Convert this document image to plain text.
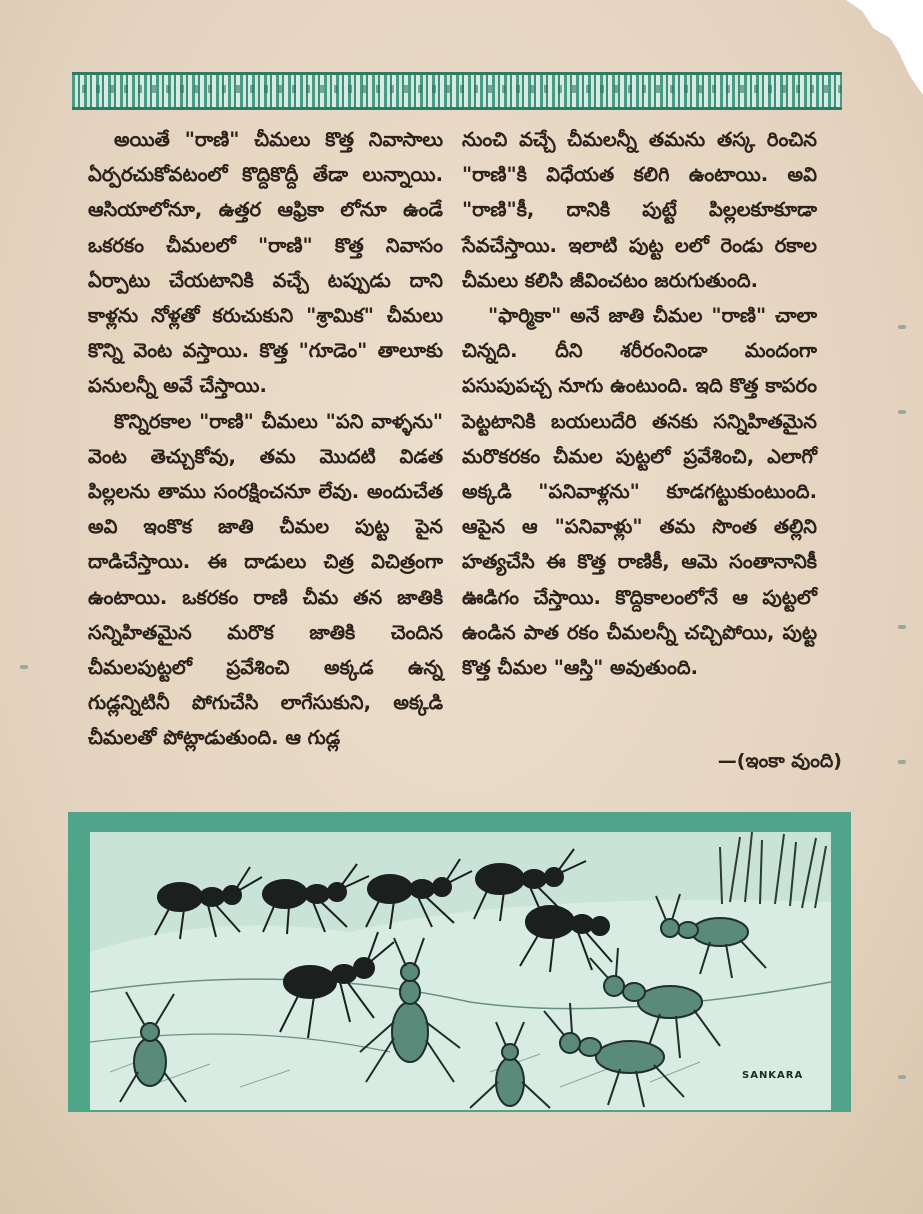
అయితే "రాణి" చీమలు కొత్త నివాసాలు ఏర్పరచుకోవటంలో కొద్దికొద్దీ తేడా లున్నాయి. ఆసియాలోనూ, ఉత్తర ఆఫ్రికా లోనూ ఉండే ఒకరకం చీమలలో "రాణి" కొత్త నివాసం ఏర్పాటు చేయటానికి వచ్చే టప్పుడు దాని కాళ్లను నోళ్లతో కరుచుకుని "శ్రామిక" చీమలు కొన్ని వెంట వస్తాయి. కొత్త "గూడెం" తాలూకు పనులన్నీ అవే చేస్తాయి.

కొన్నిరకాల "రాణి" చీమలు "పని వాళ్ళను" వెంట తెచ్చుకోవు, తమ మొదటి విడత పిల్లలను తాము సంరక్షించనూ లేవు. అందుచేత అవి ఇంకొక జాతి చీమల పుట్ట పైన దాడిచేస్తాయి. ఈ దాడులు చిత్ర విచిత్రంగా ఉంటాయి. ఒకరకం రాణి చీమ తన జాతికి సన్నిహితమైన మరొక జాతికి చెందిన చీమలపుట్టలో ప్రవేశించి అక్కడ ఉన్న గుడ్లన్నిటినీ పోగుచేసి లాగేసుకుని, అక్కడి చీమలతో పోట్లాడుతుంది. ఆ గుడ్ల

నుంచి వచ్చే చీమలన్నీ తమను తస్క రించిన "రాణి"కి విధేయత కలిగి ఉంటాయి. అవి "రాణి"కీ, దానికి పుట్టే పిల్లలకూకూడా సేవచేస్తాయి. ఇలాటి పుట్ట లలో రెండు రకాల చీమలు కలిసి జీవించటం జరుగుతుంది.

"ఫార్మికా" అనే జాతి చీమల "రాణి" చాలా చిన్నది. దీని శరీరంనిండా మందంగా పసుపుపచ్చ నూగు ఉంటుంది. ఇది కొత్త కాపరం పెట్టటానికి బయలుదేరి తనకు సన్నిహితమైన మరొకరకం చీమల పుట్టలో ప్రవేశించి, ఎలాగో అక్కడి "పనివాళ్లను" కూడగట్టుకుంటుంది. ఆపైన ఆ "పనివాళ్లు" తమ సొంత తల్లిని హత్యచేసి ఈ కొత్త రాణికీ, ఆమె సంతానానికీ ఊడిగం చేస్తాయి. కొద్దికాలంలోనే ఆ పుట్టలో ఉండిన పాత రకం చీమలన్నీ చచ్చిపోయి, పుట్ట కొత్త చీమల "ఆస్తి" అవుతుంది.

—(ఇంకా వుంది)
SANKARA
